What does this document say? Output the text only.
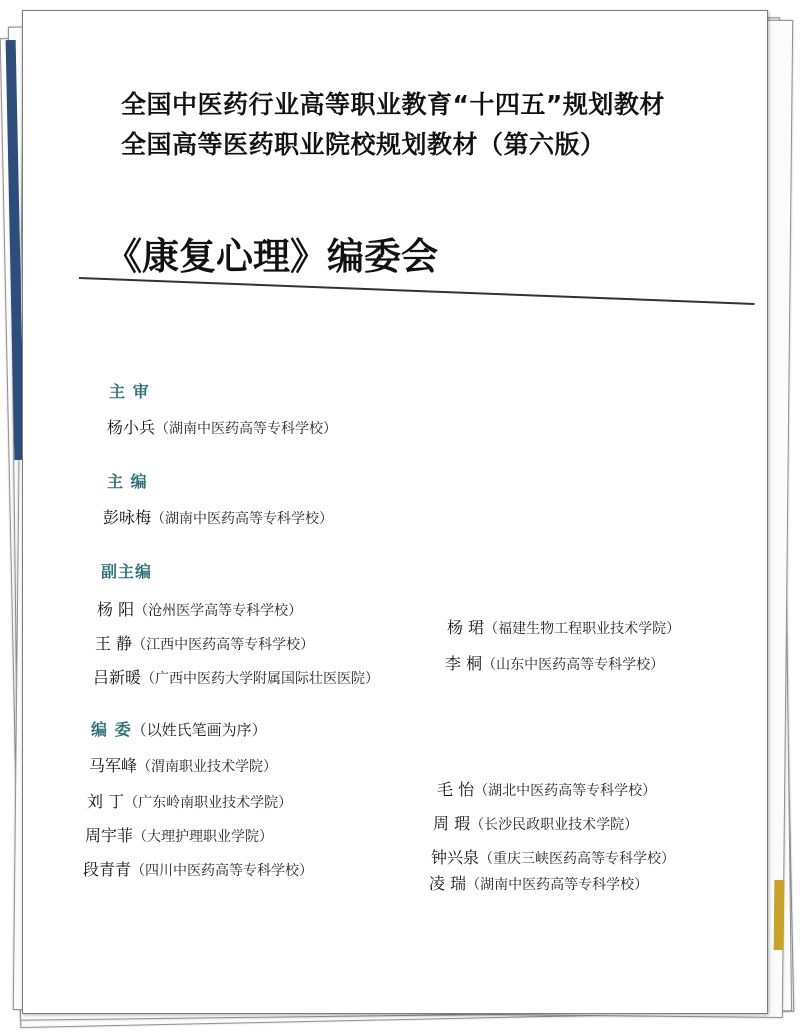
全国中医药行业高等职业教育“十四五”规划教材
全国高等医药职业院校规划教材（第六版）
《康复心理》编委会
主 审
杨小兵（湖南中医药高等专科学校）
主 编
彭咏梅（湖南中医药高等专科学校）
副主编
杨 阳（沧州医学高等专科学校）
杨 珺（福建生物工程职业技术学院）
王 静（江西中医药高等专科学校）
李 桐（山东中医药高等专科学校）
吕新暖（广西中医药大学附属国际壮医医院）
编 委（以姓氏笔画为序）
马军峰（渭南职业技术学院）
毛 怡（湖北中医药高等专科学校）
刘 丁（广东岭南职业技术学院）
周 瑕（长沙民政职业技术学院）
周宇菲（大理护理职业学院）
钟兴泉（重庆三峡医药高等专科学校）
段青青（四川中医药高等专科学校）
凌 瑞（湖南中医药高等专科学校）
